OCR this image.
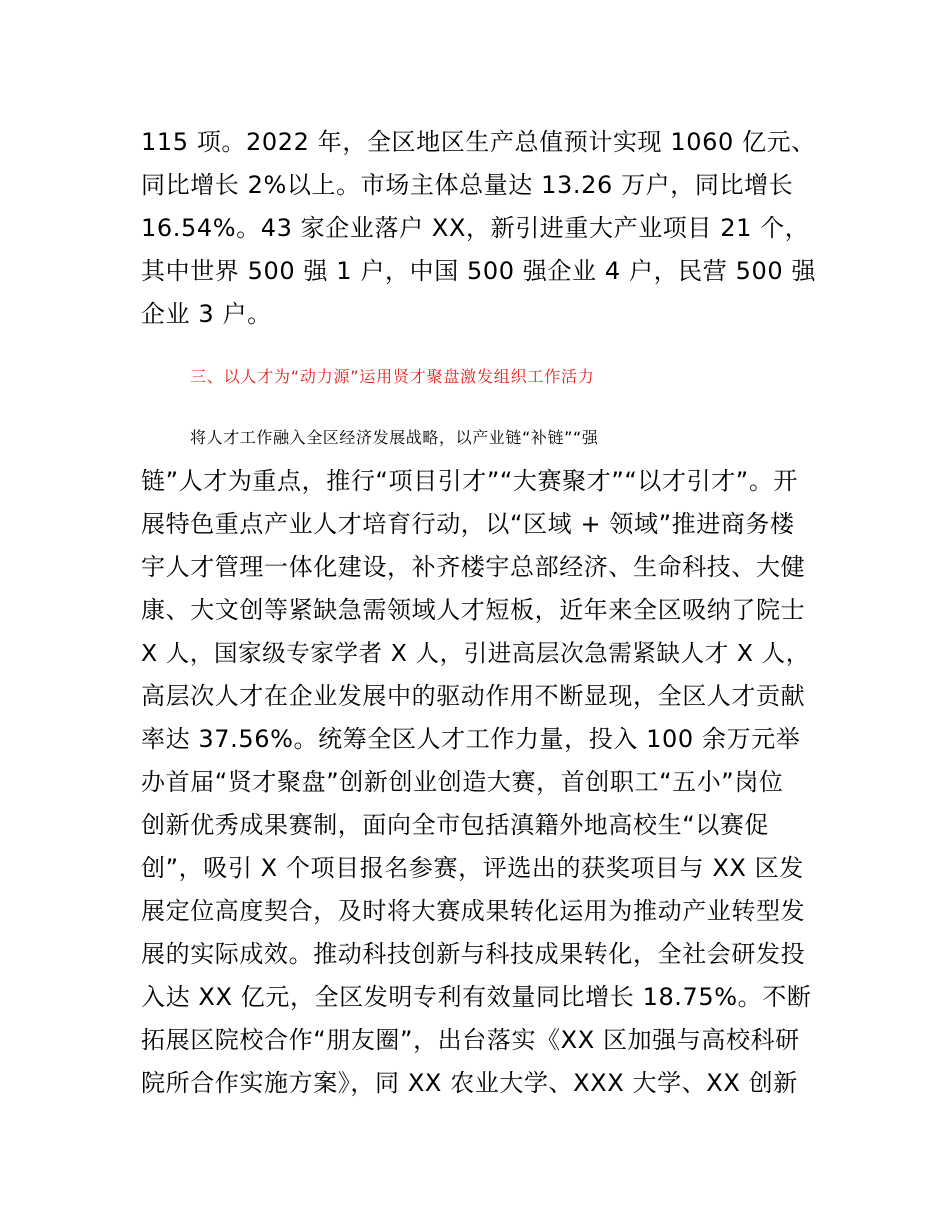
115 项。2022 年，全区地区生产总值预计实现 1060 亿元、
同比增长 2%以上。市场主体总量达 13.26 万户，同比增长
16.54%。43 家企业落户 XX，新引进重大产业项目 21 个，
其中世界 500 强 1 户，中国 500 强企业 4 户，民营 500 强
企业 3 户。
三、以人才为“动力源”运用贤才聚盘激发组织工作活力
将人才工作融入全区经济发展战略，以产业链“补链”“强
链”人才为重点，推行“项目引才”“大赛聚才”“以才引才”。开
展特色重点产业人才培育行动，以“区域 + 领域”推进商务楼
宇人才管理一体化建设，补齐楼宇总部经济、生命科技、大健
康、大文创等紧缺急需领域人才短板，近年来全区吸纳了院士
X 人，国家级专家学者 X 人，引进高层次急需紧缺人才 X 人，
高层次人才在企业发展中的驱动作用不断显现，全区人才贡献
率达 37.56%。统筹全区人才工作力量，投入 100 余万元举
办首届“贤才聚盘”创新创业创造大赛，首创职工“五小”岗位
创新优秀成果赛制，面向全市包括滇籍外地高校生“以赛促
创”，吸引 X 个项目报名参赛，评选出的获奖项目与 XX 区发
展定位高度契合，及时将大赛成果转化运用为推动产业转型发
展的实际成效。推动科技创新与科技成果转化，全社会研发投
入达 XX 亿元，全区发明专利有效量同比增长 18.75%。不断
拓展区院校合作“朋友圈”，出台落实《XX 区加强与高校科研
院所合作实施方案》，同 XX 农业大学、XXX 大学、XX 创新
